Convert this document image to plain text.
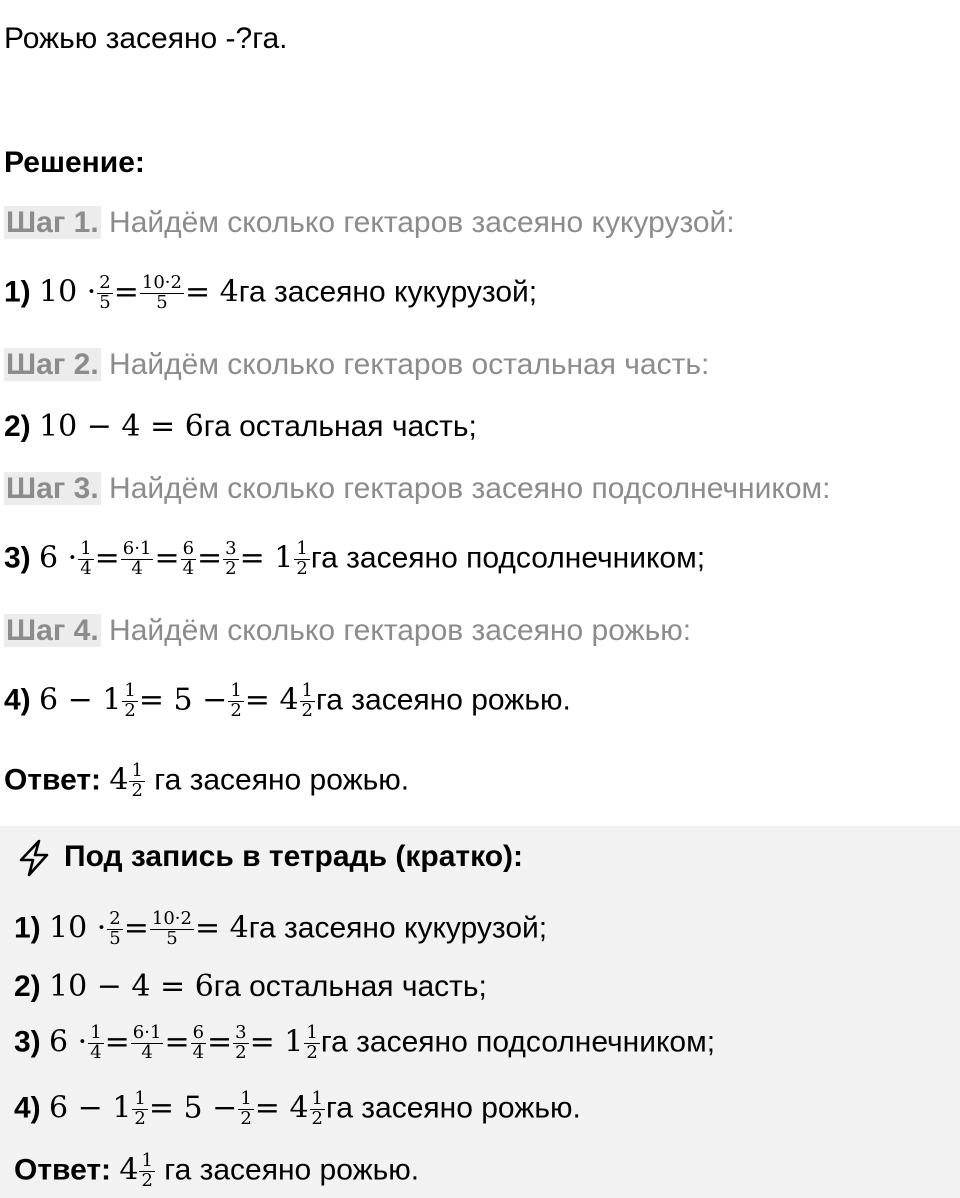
Рожью засеяно -?га.
Решение:
Шаг 1. Найдём сколько гектаров засеяно кукурузой:
1) $10 \cdot \frac{2}{5} = \frac{10\cdot 2}{5} = 4га$ засеяно кукурузой;
Шаг 2. Найдём сколько гектаров остальная часть:
2) 10 − 4 = 6га остальная часть;
Шаг 3. Найдём сколько гектаров засеяно подсолнечником:
3) $6 \cdot \frac{1}{4} = \frac{6\cdot 1}{4} = \frac{6}{4} = \frac{3}{2} = 1 \frac{1}{2}$ га засеяно подсолнечником;
Шаг 4. Найдём сколько гектаров засеяно рожью:
4) $6 - 1 \frac{1}{2} = 5 - \frac{1}{2} = 4 \frac{1}{2}$ га засеяно рожью.
Ответ: $4 \frac{1}{2}$ га засеяно рожью.
Под запись в тетрадь (кратко):
1) $10 \cdot \frac{2}{5} = \frac{10\cdot 2}{5} = 4га$ засеяно кукурузой;
2) 10 − 4 = 6га остальная часть;
3) $6 \cdot \frac{1}{4} = \frac{6\cdot 1}{4} = \frac{6}{4} = \frac{3}{2} = 1 \frac{1}{2}$ га засеяно подсолнечником;
4) $6 - 1 \frac{1}{2} = 5 - \frac{1}{2} = 4 \frac{1}{2}$ га засеяно рожью.
Ответ: $4 \frac{1}{2}$ га засеяно рожью.
